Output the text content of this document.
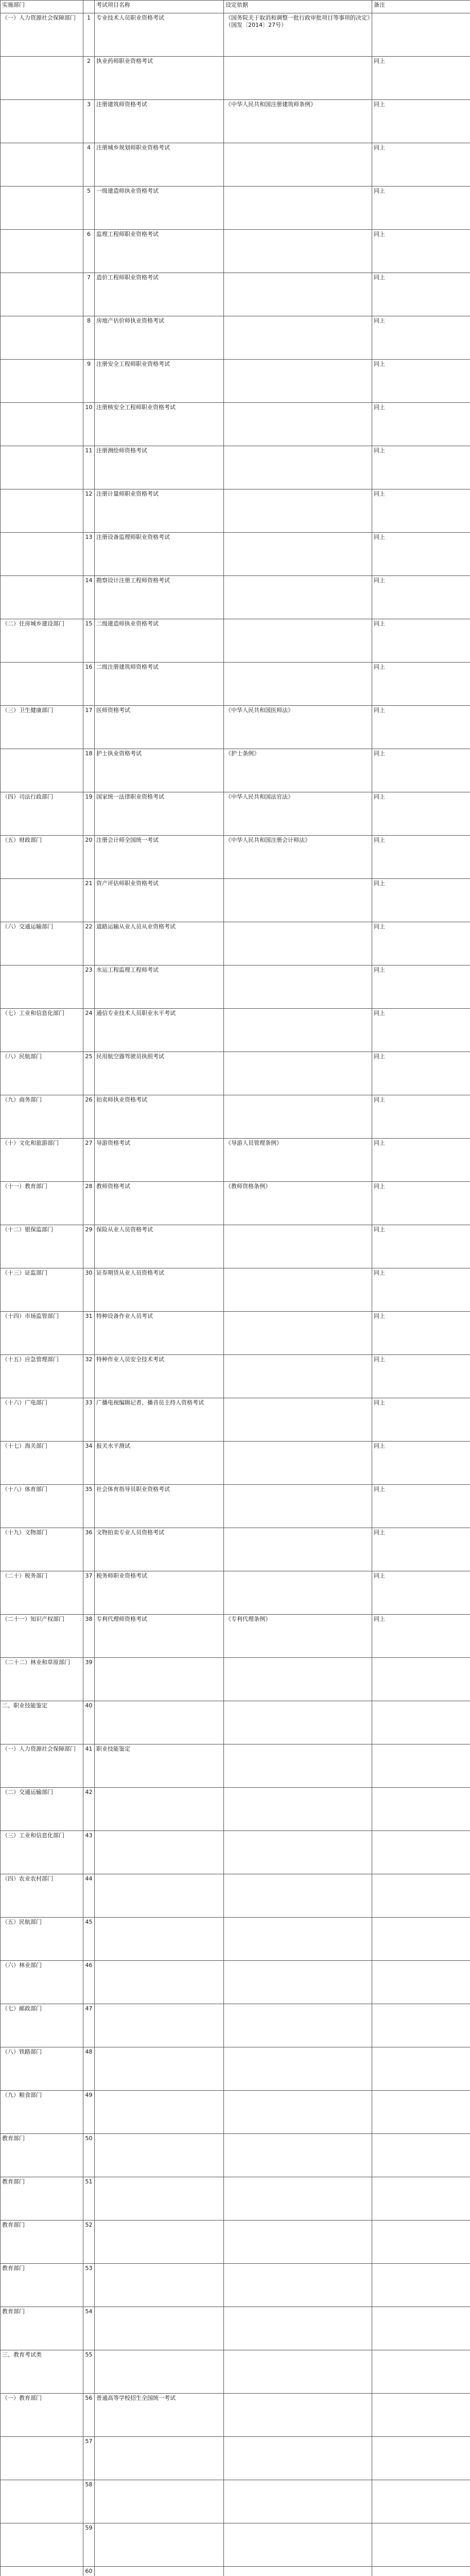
实施部门		考试项目名称	设定依据	备注
（一）人力资源社会保障部门	1	专业技术人员职业资格考试	《国务院关于取消和调整一批行政审批项目等事项的决定》（国发〔2014〕27号）	
	2	执业药师职业资格考试		同上
	3	注册建筑师资格考试	《中华人民共和国注册建筑师条例》	同上
	4	注册城乡规划师职业资格考试		同上
	5	一级建造师执业资格考试		同上
	6	监理工程师职业资格考试		同上
	7	造价工程师职业资格考试		同上
	8	房地产估价师执业资格考试		同上
	9	注册安全工程师职业资格考试		同上
	10	注册核安全工程师职业资格考试		同上
	11	注册测绘师资格考试		同上
	12	注册计量师职业资格考试		同上
	13	注册设备监理师职业资格考试		同上
	14	勘察设计注册工程师资格考试		同上
（二）住房城乡建设部门	15	二级建造师执业资格考试		同上
	16	二级注册建筑师资格考试		同上
（三）卫生健康部门	17	医师资格考试	《中华人民共和国医师法》	同上
	18	护士执业资格考试	《护士条例》	同上
（四）司法行政部门	19	国家统一法律职业资格考试	《中华人民共和国法官法》	同上
（五）财政部门	20	注册会计师全国统一考试	《中华人民共和国注册会计师法》	同上
	21	资产评估师职业资格考试		同上
（六）交通运输部门	22	道路运输从业人员从业资格考试		同上
	23	水运工程监理工程师考试		同上
（七）工业和信息化部门	24	通信专业技术人员职业水平考试		同上
（八）民航部门	25	民用航空器驾驶员执照考试		同上
（九）商务部门	26	拍卖师执业资格考试		同上
（十）文化和旅游部门	27	导游资格考试	《导游人员管理条例》	同上
（十一）教育部门	28	教师资格考试	《教师资格条例》	同上
（十二）银保监部门	29	保险从业人员资格考试		同上
（十三）证监部门	30	证券期货从业人员资格考试		同上
（十四）市场监管部门	31	特种设备作业人员考试		同上
（十五）应急管理部门	32	特种作业人员安全技术考试		同上
（十六）广电部门	33	广播电视编辑记者、播音员主持人资格考试		同上
（十七）海关部门	34	报关水平测试		同上
（十八）体育部门	35	社会体育指导员职业资格考试		同上
（十九）文物部门	36	文物拍卖专业人员资格考试		同上
（二十）税务部门	37	税务师职业资格考试		同上
（二十一）知识产权部门	38	专利代理师资格考试	《专利代理条例》	同上
（二十二）林业和草原部门	39			
二、职业技能鉴定	40			
（一）人力资源社会保障部门	41	职业技能鉴定		
（二）交通运输部门	42			
（三）工业和信息化部门	43			
（四）农业农村部门	44			
（五）民航部门	45			
（六）林业部门	46			
（七）邮政部门	47			
（八）铁路部门	48			
（九）粮食部门	49			
教育部门	50			
教育部门	51			
教育部门	52			
教育部门	53			
教育部门	54			
三、教育考试类	55			
（一）教育部门	56	普通高等学校招生全国统一考试		
	57			
	58			
	59			
	60			
